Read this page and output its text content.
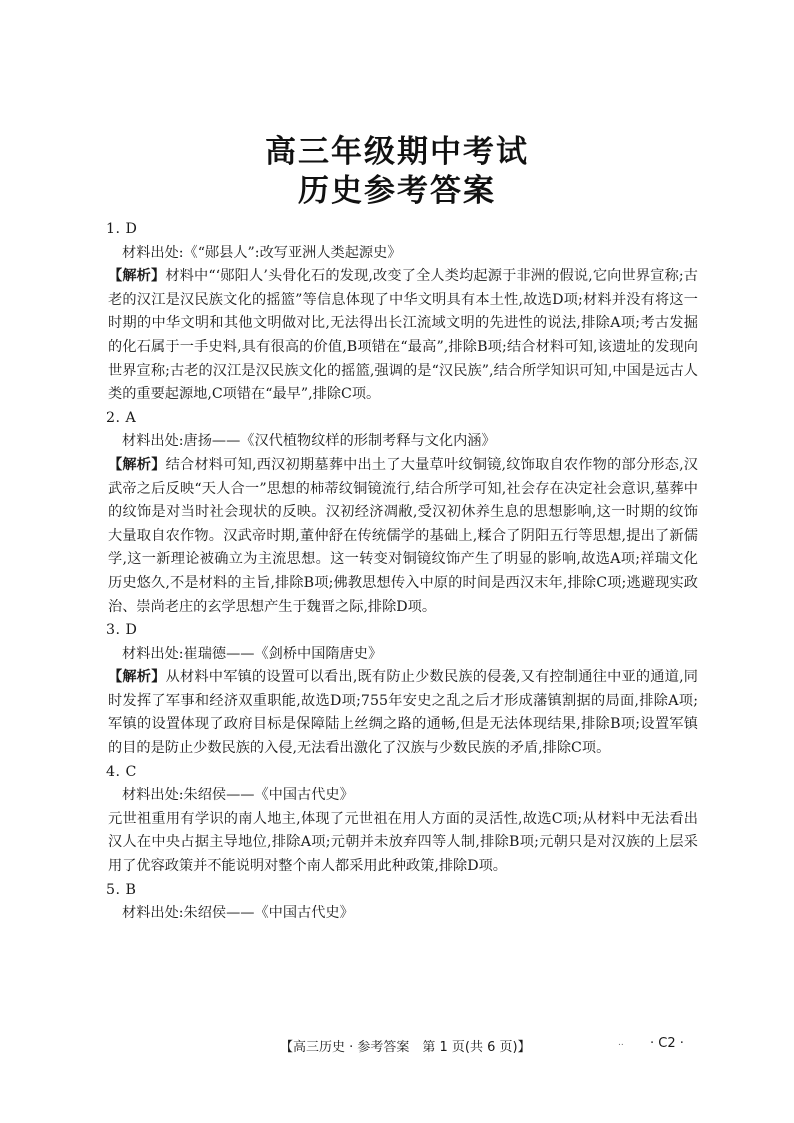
高三年级期中考试
历史参考答案
1. D
材料出处:《“郧县人”:改写亚洲人类起源史》
【解析】材料中“‘郧阳人’头骨化石的发现,改变了全人类均起源于非洲的假说,它向世界宣称;古老的汉江是汉民族文化的摇篮”等信息体现了中华文明具有本土性,故选D项;材料并没有将这一时期的中华文明和其他文明做对比,无法得出长江流域文明的先进性的说法,排除A项;考古发掘的化石属于一手史料,具有很高的价值,B项错在“最高”,排除B项;结合材料可知,该遗址的发现向世界宣称;古老的汉江是汉民族文化的摇篮,强调的是“汉民族”,结合所学知识可知,中国是远古人类的重要起源地,C项错在“最早”,排除C项。
2. A
材料出处:唐扬——《汉代植物纹样的形制考释与文化内涵》
【解析】结合材料可知,西汉初期墓葬中出土了大量草叶纹铜镜,纹饰取自农作物的部分形态,汉武帝之后反映“天人合一”思想的柿蒂纹铜镜流行,结合所学可知,社会存在决定社会意识,墓葬中的纹饰是对当时社会现状的反映。汉初经济凋敝,受汉初休养生息的思想影响,这一时期的纹饰大量取自农作物。汉武帝时期,董仲舒在传统儒学的基础上,糅合了阴阳五行等思想,提出了新儒学,这一新理论被确立为主流思想。这一转变对铜镜纹饰产生了明显的影响,故选A项;祥瑞文化历史悠久,不是材料的主旨,排除B项;佛教思想传入中原的时间是西汉末年,排除C项;逃避现实政治、崇尚老庄的玄学思想产生于魏晋之际,排除D项。
3. D
材料出处:崔瑞德——《剑桥中国隋唐史》
【解析】从材料中军镇的设置可以看出,既有防止少数民族的侵袭,又有控制通往中亚的通道,同时发挥了军事和经济双重职能,故选D项;755年安史之乱之后才形成藩镇割据的局面,排除A项;军镇的设置体现了政府目标是保障陆上丝绸之路的通畅,但是无法体现结果,排除B项;设置军镇的目的是防止少数民族的入侵,无法看出激化了汉族与少数民族的矛盾,排除C项。
4. C
材料出处:朱绍侯——《中国古代史》
元世祖重用有学识的南人地主,体现了元世祖在用人方面的灵活性,故选C项;从材料中无法看出汉人在中央占据主导地位,排除A项;元朝并未放弃四等人制,排除B项;元朝只是对汉族的上层采用了优容政策并不能说明对整个南人都采用此种政策,排除D项。
5. B
材料出处:朱绍侯——《中国古代史》
【高三历史 · 参考答案　第 1 页(共 6 页)】	.. · C2 ·
